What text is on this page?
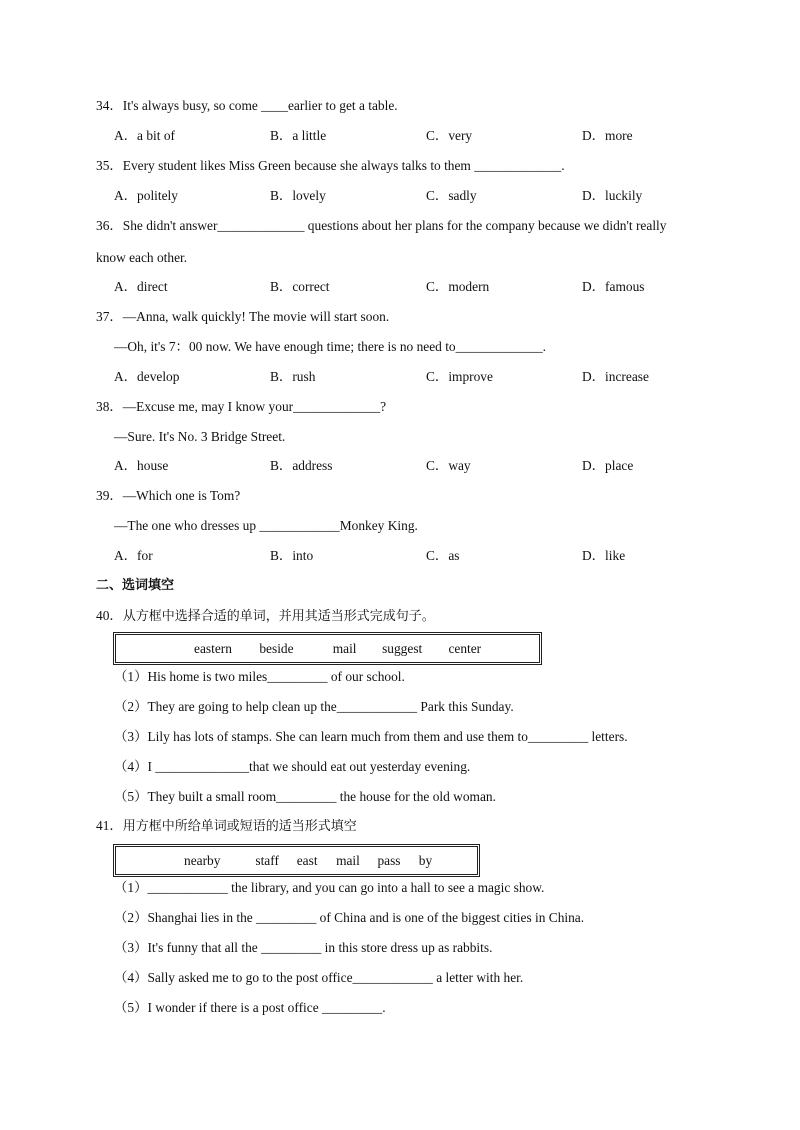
34．It's always busy, so come ____earlier to get a table.
A．a bit of	B．a little	C．very	D．more
35．Every student likes Miss Green because she always talks to them _____________.
A．politely	B．lovely	C．sadly	D．luckily
36．She didn't answer_____________ questions about her plans for the company because we didn't really
know each other.
A．direct	B．correct	C．modern	D．famous
37．—Anna, walk quickly! The movie will start soon.
—Oh, it's 7：00 now. We have enough time; there is no need to_____________.
A．develop	B．rush	C．improve	D．increase
38．—Excuse me, may I know your_____________?
—Sure. It's No. 3 Bridge Street.
A．house	B．address	C．way	D．place
39．—Which one is Tom?
—The one who dresses up ____________Monkey King.
A．for	B．into	C．as	D．like
二、选词填空
40．从方框中选择合适的单词，并用其适当形式完成句子。
eastern beside	mail suggest center
（1）His home is two miles_________ of our school.
（2）They are going to help clean up the____________ Park this Sunday.
（3）Lily has lots of stamps. She can learn much from them and use them to_________ letters.
（4）I ______________that we should eat out yesterday evening.
（5）They built a small room_________ the house for the old woman.
41．用方框中所给单词或短语的适当形式填空
nearby	staff east mail pass by
（1）____________ the library, and you can go into a hall to see a magic show.
（2）Shanghai lies in the _________ of China and is one of the biggest cities in China.
（3）It's funny that all the _________ in this store dress up as rabbits.
（4）Sally asked me to go to the post office____________ a letter with her.
（5）I wonder if there is a post office _________.
